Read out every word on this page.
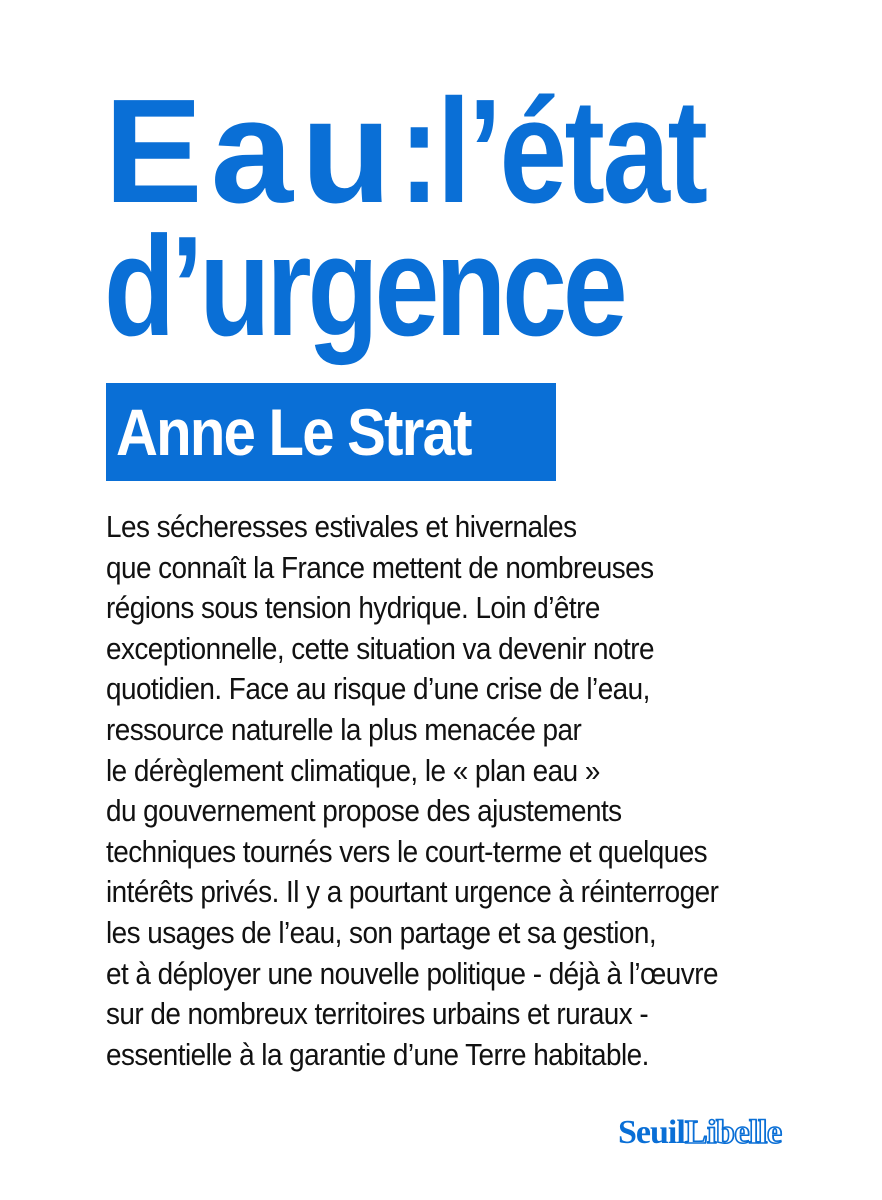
Eau:l’état
d’urgence
Anne Le Strat
Les sécheresses estivales et hivernales
que connaît la France mettent de nombreuses
régions sous tension hydrique. Loin d’être
exceptionnelle, cette situation va devenir notre
quotidien. Face au risque d’une crise de l’eau,
ressource naturelle la plus menacée par
le dérèglement climatique, le « plan eau »
du gouvernement propose des ajustements
techniques tournés vers le court-terme et quelques
intérêts privés. Il y a pourtant urgence à réinterroger
les usages de l’eau, son partage et sa gestion,
et à déployer une nouvelle politique - déjà à l’œuvre
sur de nombreux territoires urbains et ruraux -
essentielle à la garantie d’une Terre habitable.
Seuil Libelle
